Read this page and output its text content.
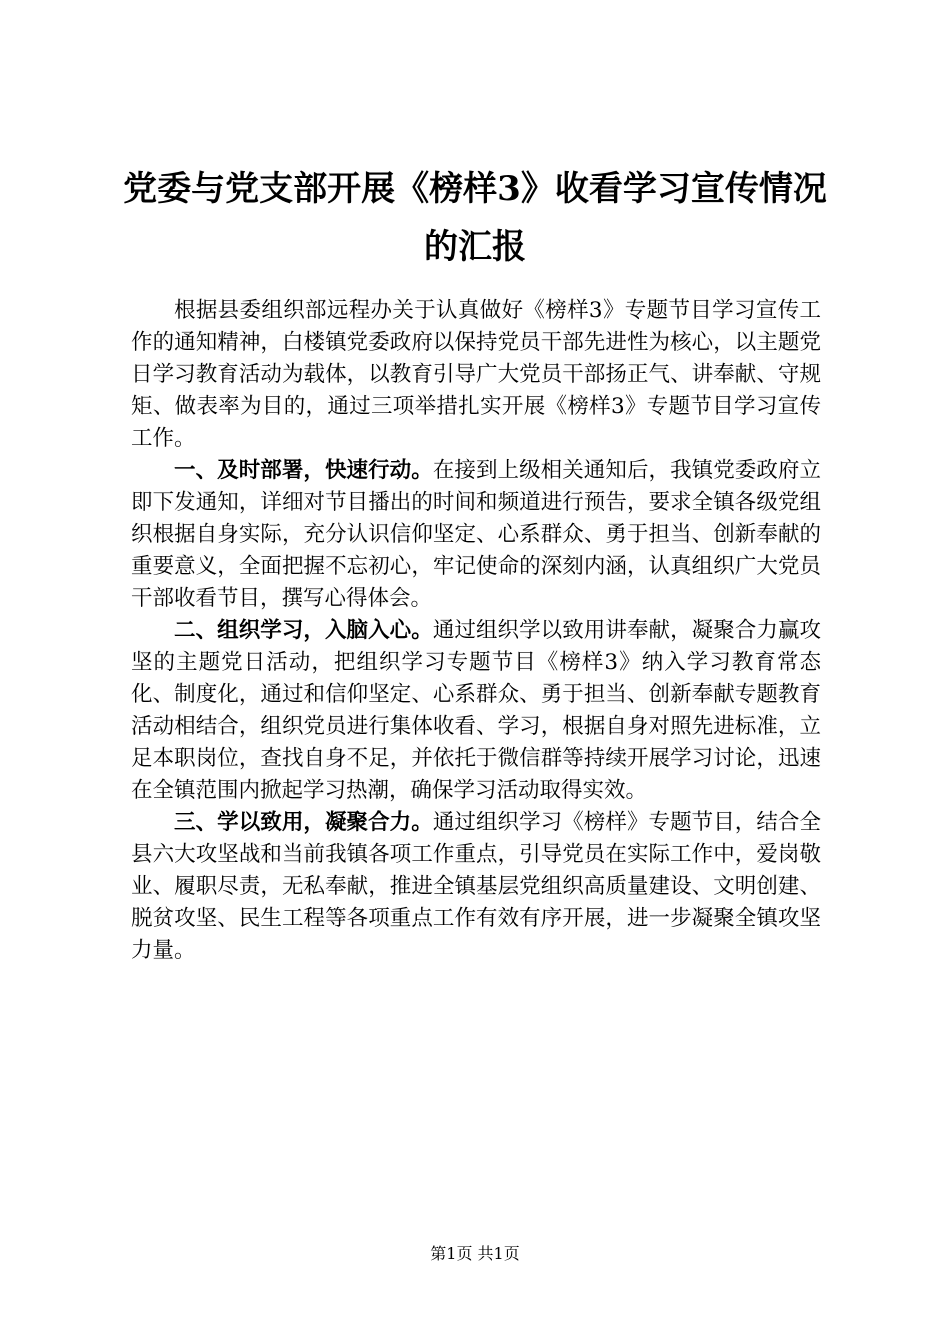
党委与党支部开展《榜样3》收看学习宣传情况的汇报

根据县委组织部远程办关于认真做好《榜样3》专题节目学习宣传工作的通知精神，白楼镇党委政府以保持党员干部先进性为核心，以主题党日学习教育活动为载体，以教育引导广大党员干部扬正气、讲奉献、守规矩、做表率为目的，通过三项举措扎实开展《榜样3》专题节目学习宣传工作。

一、及时部署，快速行动。在接到上级相关通知后，我镇党委政府立即下发通知，详细对节目播出的时间和频道进行预告，要求全镇各级党组织根据自身实际，充分认识信仰坚定、心系群众、勇于担当、创新奉献的重要意义，全面把握不忘初心，牢记使命的深刻内涵，认真组织广大党员干部收看节目，撰写心得体会。

二、组织学习，入脑入心。通过组织学以致用讲奉献，凝聚合力赢攻坚的主题党日活动，把组织学习专题节目《榜样3》纳入学习教育常态化、制度化，通过和信仰坚定、心系群众、勇于担当、创新奉献专题教育活动相结合，组织党员进行集体收看、学习，根据自身对照先进标准，立足本职岗位，查找自身不足，并依托于微信群等持续开展学习讨论，迅速在全镇范围内掀起学习热潮，确保学习活动取得实效。

三、学以致用，凝聚合力。通过组织学习《榜样》专题节目，结合全县六大攻坚战和当前我镇各项工作重点，引导党员在实际工作中，爱岗敬业、履职尽责，无私奉献，推进全镇基层党组织高质量建设、文明创建、脱贫攻坚、民生工程等各项重点工作有效有序开展，进一步凝聚全镇攻坚力量。

第1页 共1页
